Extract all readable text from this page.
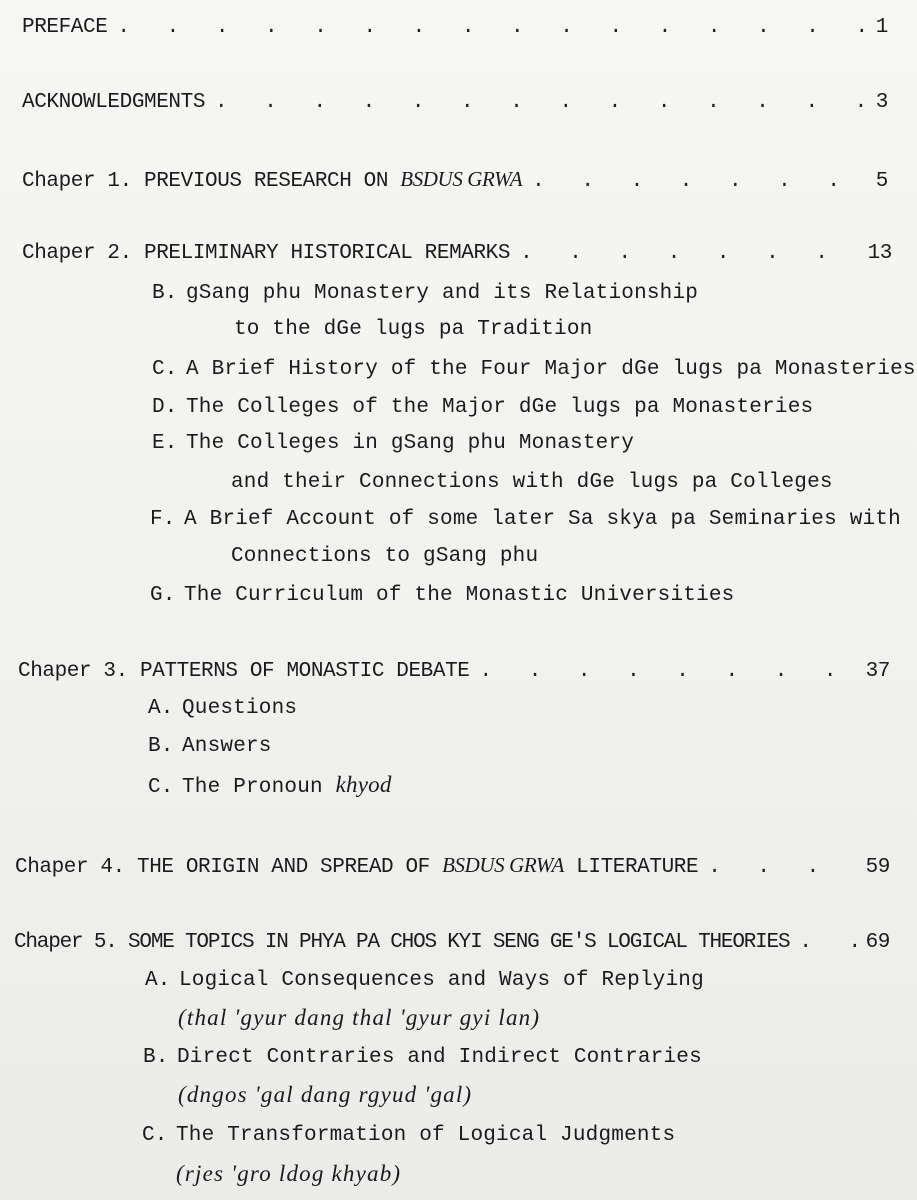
PREFACE . . .	1
ACKNOWLEDGMENTS . . .	3
Chaper 1. PREVIOUS RESEARCH ON BSDUS GRWA . . .	5
Chaper 2. PRELIMINARY HISTORICAL REMARKS . . .	13
B. gSang phu Monastery and its Relationship
to the dGe lugs pa Tradition
C. A Brief History of the Four Major dGe lugs pa Monasteries
D. The Colleges of the Major dGe lugs pa Monasteries
E. The Colleges in gSang phu Monastery
and their Connections with dGe lugs pa Colleges
F. A Brief Account of some later Sa skya pa Seminaries with
Connections to gSang phu
G. The Curriculum of the Monastic Universities
Chaper 3. PATTERNS OF MONASTIC DEBATE . . .	37
A. Questions
B. Answers
C. The Pronoun khyod
Chaper 4. THE ORIGIN AND SPREAD OF BSDUS GRWA LITERATURE . . .	59
Chaper 5. SOME TOPICS IN PHYA PA CHOS KYI SENG GE'S LOGICAL THEORIES . . .	69
A. Logical Consequences and Ways of Replying
(thal 'gyur dang thal 'gyur gyi lan)
B. Direct Contraries and Indirect Contraries
(dngos 'gal dang rgyud 'gal)
C. The Transformation of Logical Judgments
(rjes 'gro ldog khyab)
